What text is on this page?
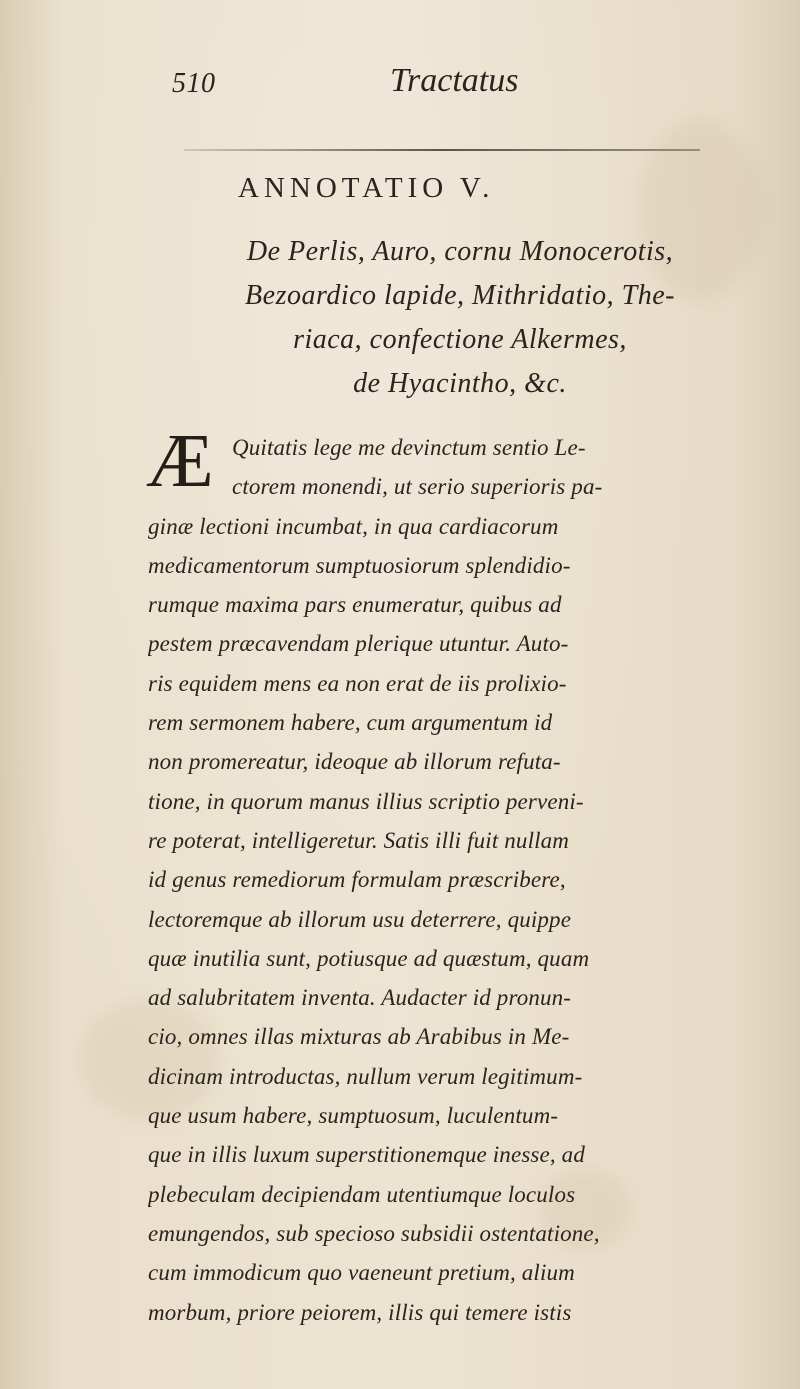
510	Tractatus
ANNOTATIO V.
De Perlis, Auro, cornu Monocerotis,
Bezoardico lapide, Mithridatio, The-
riaca, confectione Alkermes,
de Hyacintho, &c.
Æ Quitatis lege me devinctum sentio Le-
ctorem monendi, ut serio superioris pa-
ginæ lectioni incumbat, in qua cardiacorum
medicamentorum sumptuosiorum splendidio-
rumque maxima pars enumeratur, quibus ad
pestem præcavendam plerique utuntur. Auto-
ris equidem mens ea non erat de iis prolixio-
rem sermonem habere, cum argumentum id
non promereatur, ideoque ab illorum refuta-
tione, in quorum manus illius scriptio perveni-
re poterat, intelligeretur. Satis illi fuit nullam
id genus remediorum formulam præscribere,
lectoremque ab illorum usu deterrere, quippe
quæ inutilia sunt, potiusque ad quæstum, quam
ad salubritatem inventa. Audacter id pronun-
cio, omnes illas mixturas ab Arabibus in Me-
dicinam introductas, nullum verum legitimum-
que usum habere, sumptuosum, luculentum-
que in illis luxum superstitionemque inesse, ad
plebeculam decipiendam utentiumque loculos
emungendos, sub specioso subsidii ostentatione,
cum immodicum quo vaeneunt pretium, alium
morbum, priore peiorem, illis qui temere istis
